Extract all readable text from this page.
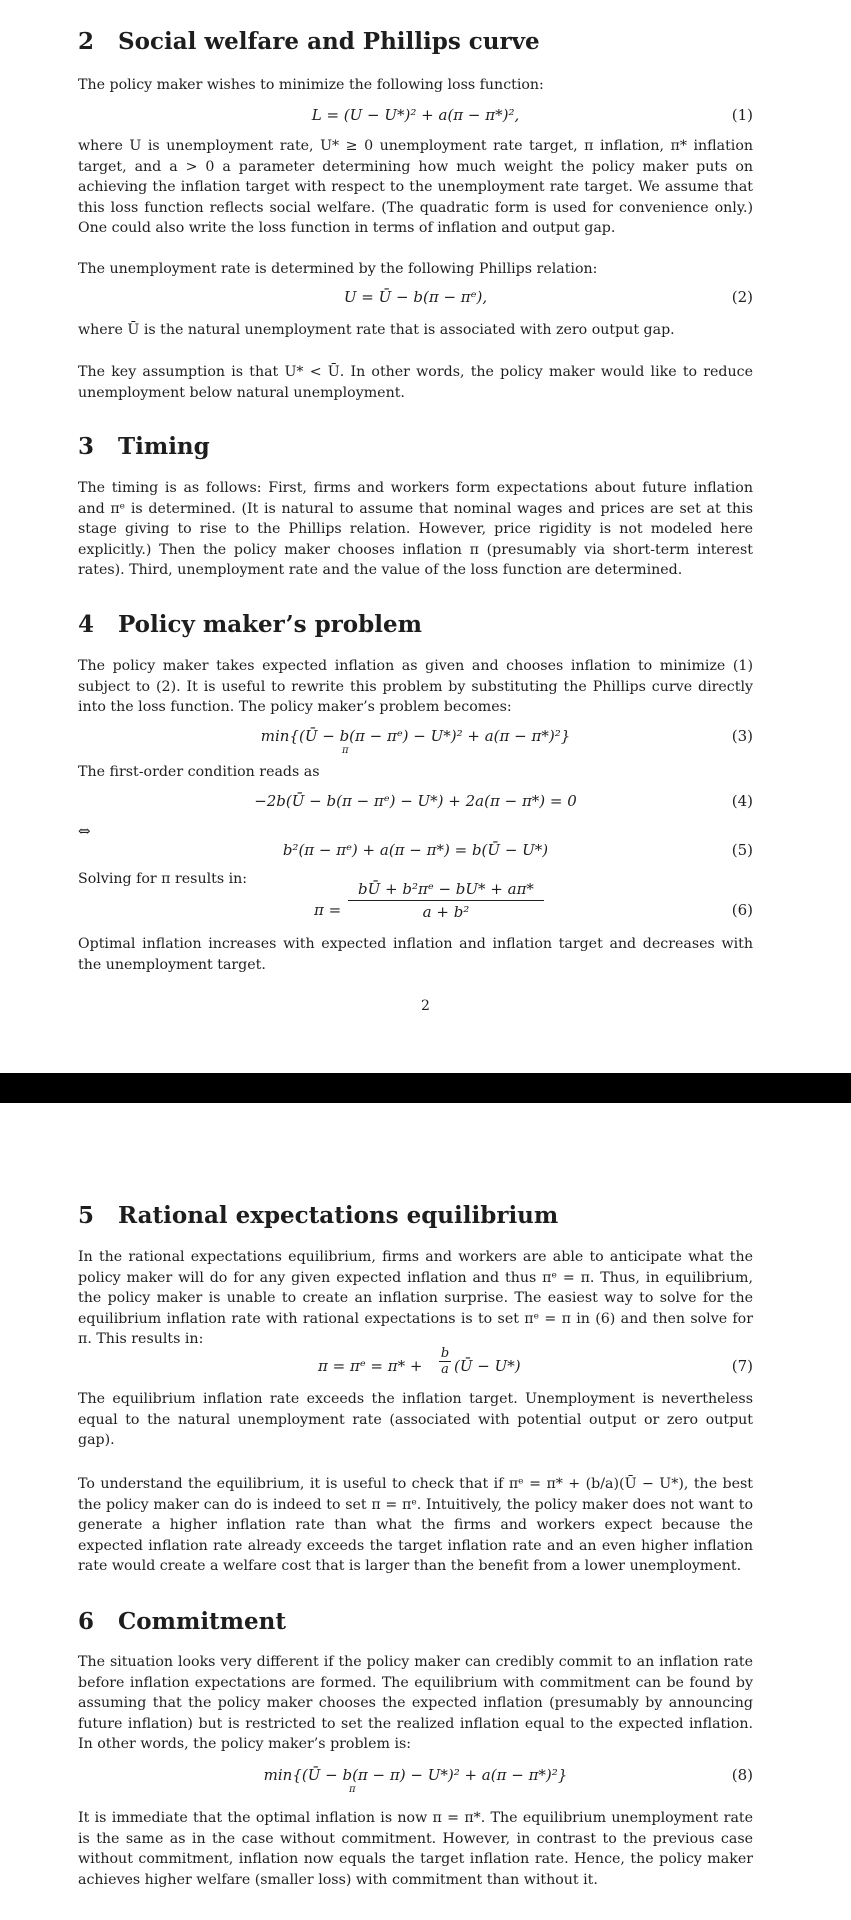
2 Social welfare and Phillips curve

The policy maker wishes to minimize the following loss function:

L = (U − U*)² + a(π − π*)²,	(1)

where U is unemployment rate, U* ≥ 0 unemployment rate target, π inflation, π* inflation target, and a > 0 a parameter determining how much weight the policy maker puts on achieving the inflation target with respect to the unemployment rate target. We assume that this loss function reflects social welfare. (The quadratic form is used for convenience only.) One could also write the loss function in terms of inflation and output gap.

The unemployment rate is determined by the following Phillips relation:

U = Ū − b(π − πᵉ),	(2)

where Ū is the natural unemployment rate that is associated with zero output gap.

The key assumption is that U* < Ū. In other words, the policy maker would like to reduce unemployment below natural unemployment.

3 Timing

The timing is as follows: First, firms and workers form expectations about future inflation and πᵉ is determined. (It is natural to assume that nominal wages and prices are set at this stage giving to rise to the Phillips relation. However, price rigidity is not modeled here explicitly.) Then the policy maker chooses inflation π (presumably via short-term interest rates). Third, unemployment rate and the value of the loss function are determined.

4 Policy maker’s problem

The policy maker takes expected inflation as given and chooses inflation to minimize (1) subject to (2). It is useful to rewrite this problem by substituting the Phillips curve directly into the loss function. The policy maker’s problem becomes:

min{(Ū − b(π − πᵉ) − U*)² + a(π − π*)²}
π
(3)

The first-order condition reads as

−2b(Ū − b(π − πᵉ) − U*) + 2a(π − π*) = 0	(4)
⇔
b²(π − πᵉ) + a(π − π*) = b(Ū − U*)	(5)

Solving for π results in:

$\pi = \frac{\text{bŪ + b²πᵉ − bU* + aπ*}}{\text{a + b²}}$	(6)

Optimal inflation increases with expected inflation and inflation target and decreases with the unemployment target.

2
5 Rational expectations equilibrium

In the rational expectations equilibrium, firms and workers are able to anticipate what the policy maker will do for any given expected inflation and thus πᵉ = π. Thus, in equilibrium, the policy maker is unable to create an inflation surprise. The easiest way to solve for the equilibrium inflation rate with rational expectations is to set πᵉ = π in (6) and then solve for π. This results in:

π = πᵉ = $\pi* + \frac{b}{a}$ (Ū − U*)	(7)

The equilibrium inflation rate exceeds the inflation target. Unemployment is nevertheless equal to the natural unemployment rate (associated with potential output or zero output gap).

To understand the equilibrium, it is useful to check that if πᵉ = π* + (b/a)(Ū − U*), the best the policy maker can do is indeed to set π = πᵉ. Intuitively, the policy maker does not want to generate a higher inflation rate than what the firms and workers expect because the expected inflation rate already exceeds the target inflation rate and an even higher inflation rate would create a welfare cost that is larger than the benefit from a lower unemployment.

6 Commitment

The situation looks very different if the policy maker can credibly commit to an inflation rate before inflation expectations are formed. The equilibrium with commitment can be found by assuming that the policy maker chooses the expected inflation (presumably by announcing future inflation) but is restricted to set the realized inflation equal to the expected inflation. In other words, the policy maker’s problem is:

min{(Ū − b(π − π) − U*)² + a(π − π*)²}
π
(8)

It is immediate that the optimal inflation is now π = π*. The equilibrium unemployment rate is the same as in the case without commitment. However, in contrast to the previous case without commitment, inflation now equals the target inflation rate. Hence, the policy maker achieves higher welfare (smaller loss) with commitment than without it.
